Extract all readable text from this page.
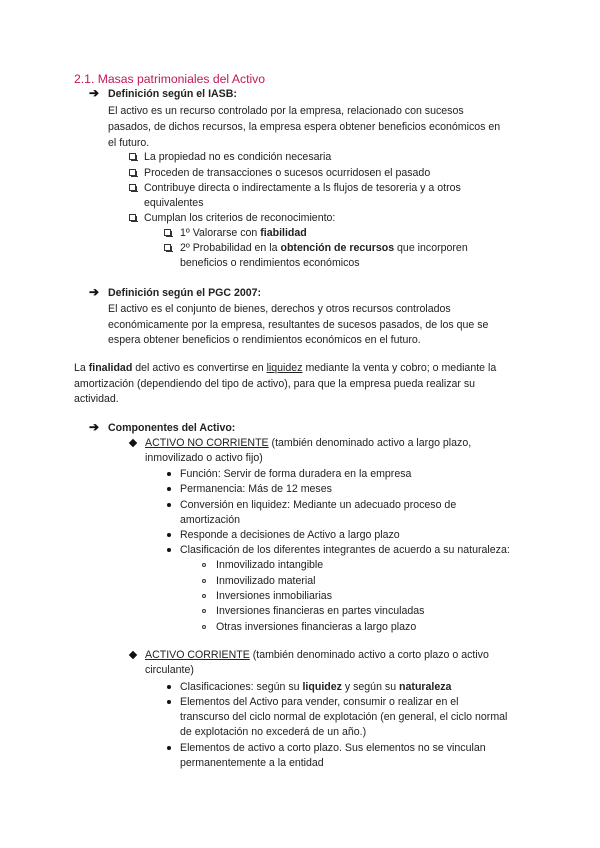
2.1. Masas patrimoniales del Activo
➔ Definición según el IASB:
El activo es un recurso controlado por la empresa, relacionado con sucesos
pasados, de dichos recursos, la empresa espera obtener beneficios económicos en
el futuro.
La propiedad no es condición necesaria
Proceden de transacciones o sucesos ocurridosen el pasado
Contribuye directa o indirectamente a ls flujos de tesoreria y a otros
equivalentes
Cumplan los criterios de reconocimiento:
1º Valorarse con fiabilidad
2º Probabilidad en la obtención de recursos que incorporen
beneficios o rendimientos económicos
➔ Definición según el PGC 2007:
El activo es el conjunto de bienes, derechos y otros recursos controlados
económicamente por la empresa, resultantes de sucesos pasados, de los que se
espera obtener beneficios o rendimientos económicos en el futuro.
La finalidad del activo es convertirse en liquidez mediante la venta y cobro; o mediante la
amortización (dependiendo del tipo de activo), para que la empresa pueda realizar su
actividad.
➔ Componentes del Activo:
ACTIVO NO CORRIENTE (también denominado activo a largo plazo,
inmovilizado o activo fijo)
Función: Servir de forma duradera en la empresa
Permanencia: Más de 12 meses
Conversión en liquidez: Mediante un adecuado proceso de
amortización
Responde a decisiones de Activo a largo plazo
Clasificación de los diferentes integrantes de acuerdo a su naturaleza:
Inmovilizado intangible
Inmovilizado material
Inversiones inmobiliarias
Inversiones financieras en partes vinculadas
Otras inversiones financieras a largo plazo
ACTIVO CORRIENTE (también denominado activo a corto plazo o activo
circulante)
Clasificaciones: según su liquidez y según su naturaleza
Elementos del Activo para vender, consumir o realizar en el
transcurso del ciclo normal de explotación (en general, el ciclo normal
de explotación no excederá de un año.)
Elementos de activo a corto plazo. Sus elementos no se vinculan
permanentemente a la entidad
